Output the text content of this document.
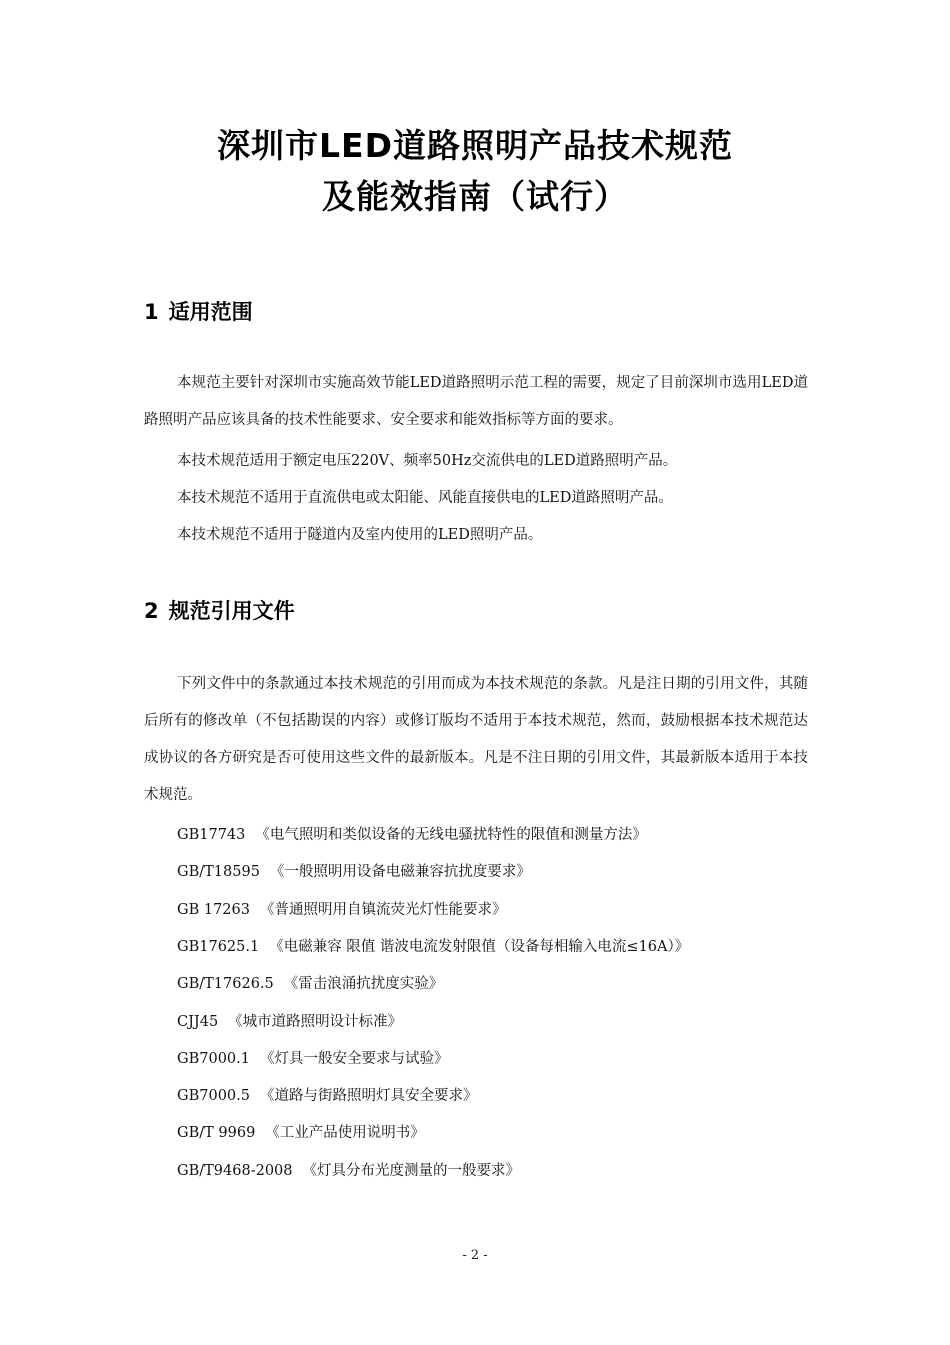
深圳市LED道路照明产品技术规范
及能效指南（试行）
1 适用范围
本规范主要针对深圳市实施高效节能LED道路照明示范工程的需要，规定了目前深圳市选用LED道路照明产品应该具备的技术性能要求、安全要求和能效指标等方面的要求。
本技术规范适用于额定电压220V、频率50Hz交流供电的LED道路照明产品。
本技术规范不适用于直流供电或太阳能、风能直接供电的LED道路照明产品。
本技术规范不适用于隧道内及室内使用的LED照明产品。
2 规范引用文件
下列文件中的条款通过本技术规范的引用而成为本技术规范的条款。凡是注日期的引用文件，其随后所有的修改单（不包括勘误的内容）或修订版均不适用于本技术规范，然而，鼓励根据本技术规范达成协议的各方研究是否可使用这些文件的最新版本。凡是不注日期的引用文件，其最新版本适用于本技术规范。
GB17743 《电气照明和类似设备的无线电骚扰特性的限值和测量方法》
GB/T18595 《一般照明用设备电磁兼容抗扰度要求》
GB 17263 《普通照明用自镇流荧光灯性能要求》
GB17625.1 《电磁兼容 限值 谐波电流发射限值（设备每相输入电流≤16A）》
GB/T17626.5 《雷击浪涌抗扰度实验》
CJJ45 《城市道路照明设计标准》
GB7000.1 《灯具一般安全要求与试验》
GB7000.5 《道路与街路照明灯具安全要求》
GB/T 9969 《工业产品使用说明书》
GB/T9468-2008 《灯具分布光度测量的一般要求》
- 2 -
